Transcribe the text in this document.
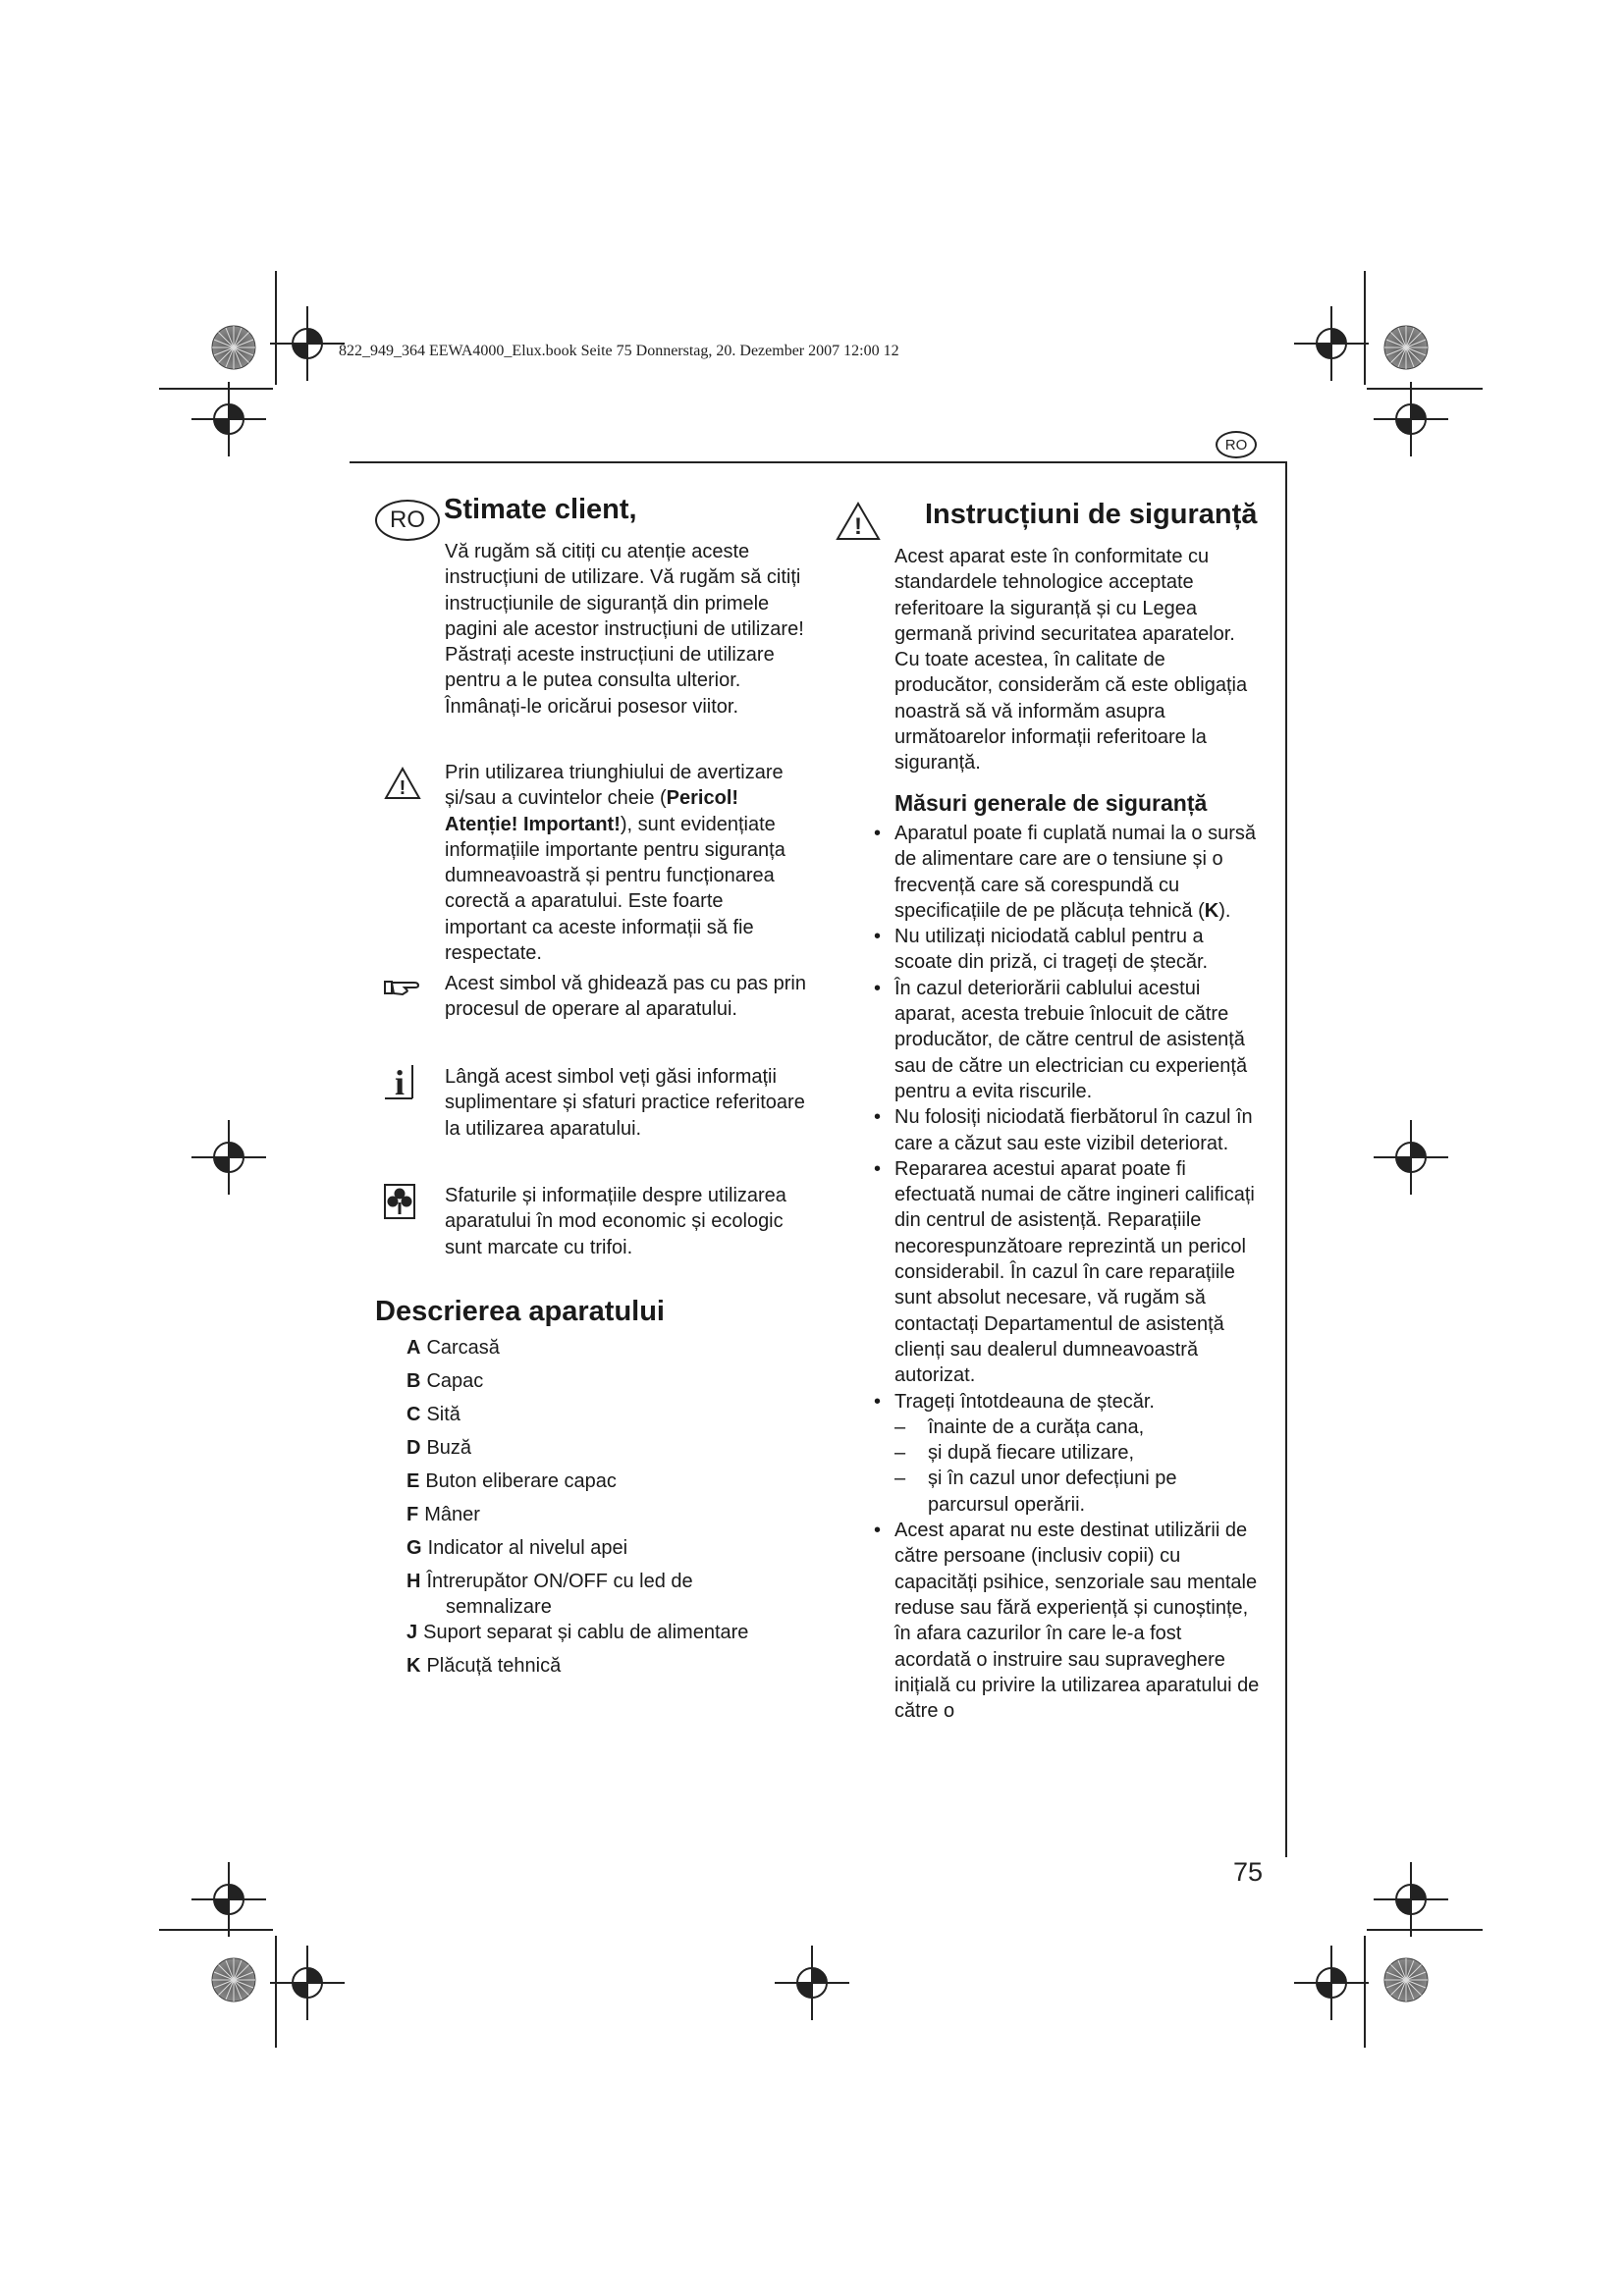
822_949_364 EEWA4000_Elux.book Seite 75 Donnerstag, 20. Dezember 2007 12:00 12
RO
RO Stimate client,
Vă rugăm să citiți cu atenție aceste instrucțiuni de utilizare. Vă rugăm să citiți instrucțiunile de siguranță din primele pagini ale acestor instrucțiuni de utilizare! Păstrați aceste instrucțiuni de utilizare pentru a le putea consulta ulterior. Înmânați-le oricărui posesor viitor.
!
Prin utilizarea triunghiului de avertizare și/sau a cuvintelor cheie (Pericol! Atenție! Important!), sunt evidențiate informațiile importante pentru siguranța dumneavoastră și pentru funcționarea corectă a aparatului. Este foarte important ca aceste informații să fie respectate.
Acest simbol vă ghidează pas cu pas prin procesul de operare al aparatului.
i Lângă acest simbol veți găsi informații suplimentare și sfaturi practice referitoare la utilizarea aparatului.
Sfaturile și informațiile despre utilizarea aparatului în mod economic și ecologic sunt marcate cu trifoi.
Descrierea aparatului
A Carcasă
B Capac
C Sită
D Buză
E Buton eliberare capac
F Mâner
G Indicator al nivelul apei
H Întrerupător ON/OFF cu led de
semnalizare
J Suport separat și cablu de alimentare
K Plăcuță tehnică
! Instrucțiuni de siguranță
Acest aparat este în conformitate cu standardele tehnologice acceptate referitoare la siguranță și cu Legea germană privind securitatea aparatelor. Cu toate acestea, în calitate de producător, considerăm că este obligația noastră să vă informăm asupra următoarelor informații referitoare la siguranță.
Măsuri generale de siguranță
• Aparatul poate fi cuplată numai la o sursă de alimentare care are o tensiune și o frecvență care să corespundă cu specificațiile de pe plăcuța tehnică (K).
• Nu utilizați niciodată cablul pentru a scoate din priză, ci trageți de ștecăr.
• În cazul deteriorării cablului acestui aparat, acesta trebuie înlocuit de către producător, de către centrul de asistență sau de către un electrician cu experiență pentru a evita riscurile.
• Nu folosiți niciodată fierbătorul în cazul în care a căzut sau este vizibil deteriorat.
• Repararea acestui aparat poate fi efectuată numai de către ingineri calificați din centrul de asistență. Reparațiile necorespunzătoare reprezintă un pericol considerabil. În cazul în care reparațiile sunt absolut necesare, vă rugăm să contactați Departamentul de asistență clienți sau dealerul dumneavoastră autorizat.
• Trageți întotdeauna de ștecăr.
– înainte de a curăța cana,
– și după fiecare utilizare,
– și în cazul unor defecțiuni pe parcursul operării.
• Acest aparat nu este destinat utilizării de către persoane (inclusiv copii) cu capacități psihice, senzoriale sau mentale reduse sau fără experiență și cunoștințe, în afara cazurilor în care le-a fost acordată o instruire sau supraveghere inițială cu privire la utilizarea aparatului de către o
75
